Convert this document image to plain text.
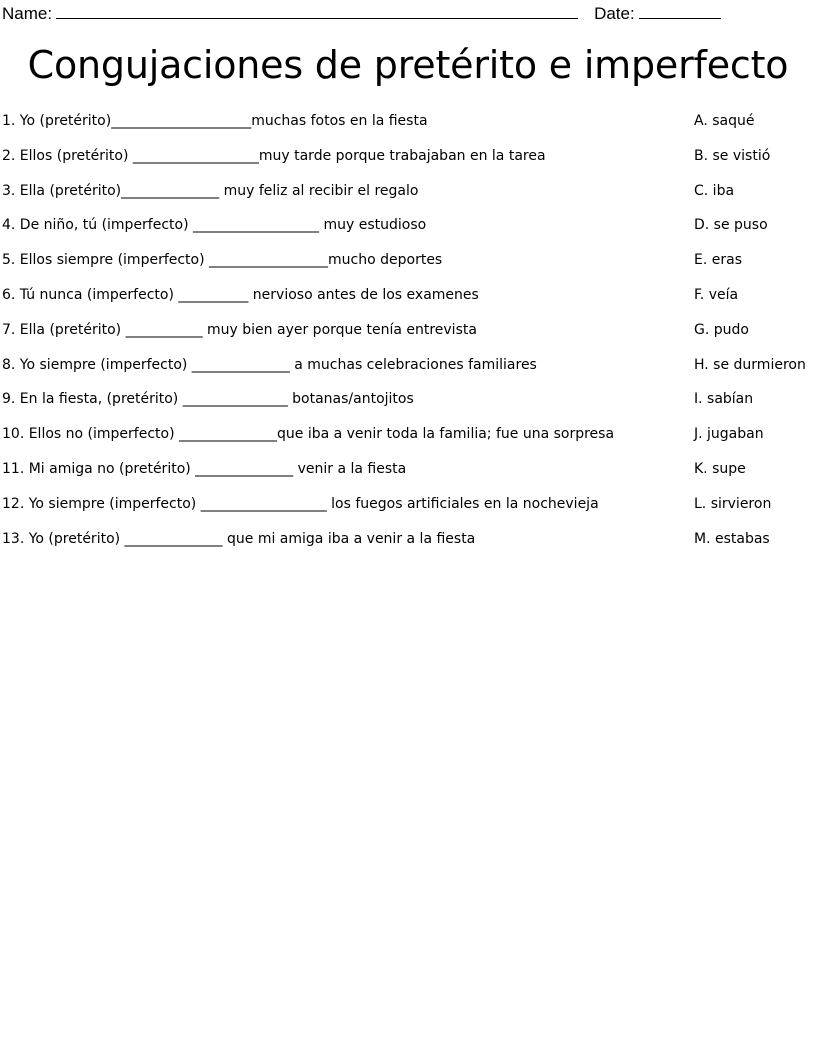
Name:	Date:
Congujaciones de pretérito e imperfecto
1. Yo (pretérito)____________________muchas fotos en la fiesta	A. saqué
2. Ellos (pretérito) __________________muy tarde porque trabajaban en la tarea	B. se vistió
3. Ella (pretérito)______________ muy feliz al recibir el regalo	C. iba
4. De niño, tú (imperfecto) __________________ muy estudioso	D. se puso
5. Ellos siempre (imperfecto) _________________mucho deportes	E. eras
6. Tú nunca (imperfecto) __________ nervioso antes de los examenes	F. veía
7. Ella (pretérito) ___________ muy bien ayer porque tenía entrevista	G. pudo
8. Yo siempre (imperfecto) ______________ a muchas celebraciones familiares	H. se durmieron
9. En la fiesta, (pretérito) _______________ botanas/antojitos	I. sabían
10. Ellos no (imperfecto) ______________que iba a venir toda la familia; fue una sorpresa	J. jugaban
11. Mi amiga no (pretérito) ______________ venir a la fiesta	K. supe
12. Yo siempre (imperfecto) __________________ los fuegos artificiales en la nochevieja	L. sirvieron
13. Yo (pretérito) ______________ que mi amiga iba a venir a la fiesta	M. estabas
